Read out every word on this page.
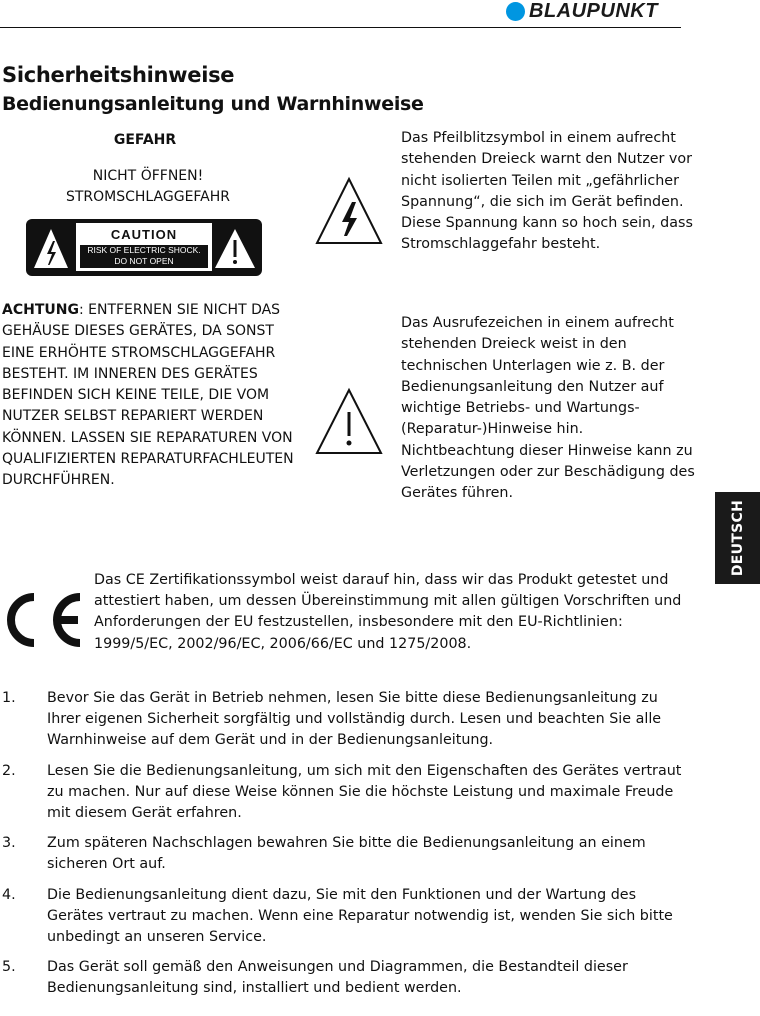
BLAUPUNKT
Sicherheitshinweise
Bedienungsanleitung und Warnhinweise
GEFAHR
NICHT ÖFFNEN!
STROMSCHLAGGEFAHR
CAUTION
RISK OF ELECTRIC SHOCK.
DO NOT OPEN
ACHTUNG: ENTFERNEN SIE NICHT DAS GEHÄUSE DIESES GERÄTES, DA SONST EINE ERHÖHTE STROMSCHLAGGEFAHR BESTEHT. IM INNEREN DES GERÄTES BEFINDEN SICH KEINE TEILE, DIE VOM NUTZER SELBST REPARIERT WERDEN KÖNNEN. LASSEN SIE REPARATUREN VON QUALIFIZIERTEN REPARATURFACHLEUTEN DURCHFÜHREN.
Das Pfeilblitzsymbol in einem aufrecht stehenden Dreieck warnt den Nutzer vor nicht isolierten Teilen mit „gefährlicher Spannung“, die sich im Gerät befinden. Diese Spannung kann so hoch sein, dass Stromschlaggefahr besteht.
Das Ausrufezeichen in einem aufrecht stehenden Dreieck weist in den technischen Unterlagen wie z. B. der Bedienungsanleitung den Nutzer auf wichtige Betriebs- und Wartungs-(Reparatur-)Hinweise hin. Nichtbeachtung dieser Hinweise kann zu Verletzungen oder zur Beschädigung des Gerätes führen.
DEUTSCH
Das CE Zertifikationssymbol weist darauf hin, dass wir das Produkt getestet und attestiert haben, um dessen Übereinstimmung mit allen gültigen Vorschriften und Anforderungen der EU festzustellen, insbesondere mit den EU-Richtlinien: 1999/5/EC, 2002/96/EC, 2006/66/EC und 1275/2008.
1.	Bevor Sie das Gerät in Betrieb nehmen, lesen Sie bitte diese Bedienungsanleitung zu Ihrer eigenen Sicherheit sorgfältig und vollständig durch. Lesen und beachten Sie alle Warnhinweise auf dem Gerät und in der Bedienungsanleitung.
2.	Lesen Sie die Bedienungsanleitung, um sich mit den Eigenschaften des Gerätes vertraut zu machen. Nur auf diese Weise können Sie die höchste Leistung und maximale Freude mit diesem Gerät erfahren.
3.	Zum späteren Nachschlagen bewahren Sie bitte die Bedienungsanleitung an einem sicheren Ort auf.
4.	Die Bedienungsanleitung dient dazu, Sie mit den Funktionen und der Wartung des Gerätes vertraut zu machen. Wenn eine Reparatur notwendig ist, wenden Sie sich bitte unbedingt an unseren Service.
5.	Das Gerät soll gemäß den Anweisungen und Diagrammen, die Bestandteil dieser Bedienungsanleitung sind, installiert und bedient werden.
